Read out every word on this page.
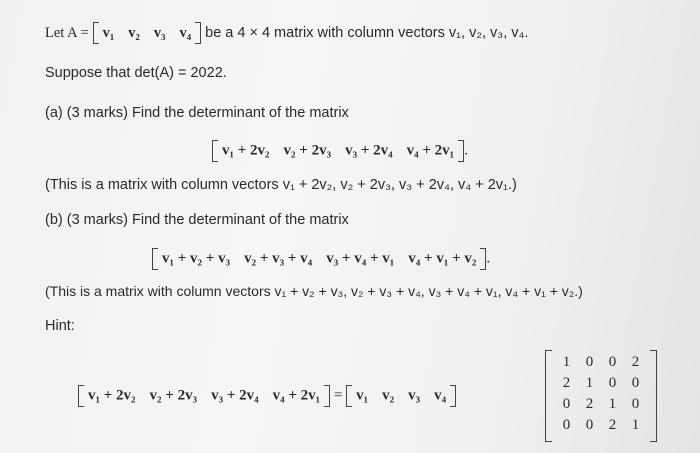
Let A = v₁ v₂ v₃ v₄ be a 4 × 4 matrix with column vectors v₁, v₂, v₃, v₄.
Suppose that det(A) = 2022.
(a) (3 marks) Find the determinant of the matrix
v₁ + 2v₂ v₂ + 2v₃ v₃ + 2v₄ v₄ + 2v₁ .
(This is a matrix with column vectors v₁ + 2v₂, v₂ + 2v₃, v₃ + 2v₄, v₄ + 2v₁.)
(b) (3 marks) Find the determinant of the matrix
v₁ + v₂ + v₃ v₂ + v₃ + v₄ v₃ + v₄ + v₁ v₄ + v₁ + v₂ .
(This is a matrix with column vectors v₁ + v₂ + v₃, v₂ + v₃ + v₄, v₃ + v₄ + v₁, v₄ + v₁ + v₂.)
Hint:
v₁ + 2v₂ v₂ + 2v₃ v₃ + 2v₄ v₄ + 2v₁ = v₁ v₂ v₃ v₄
1	0	0	2
2	1	0	0
0	2	1	0
0	0	2	1
